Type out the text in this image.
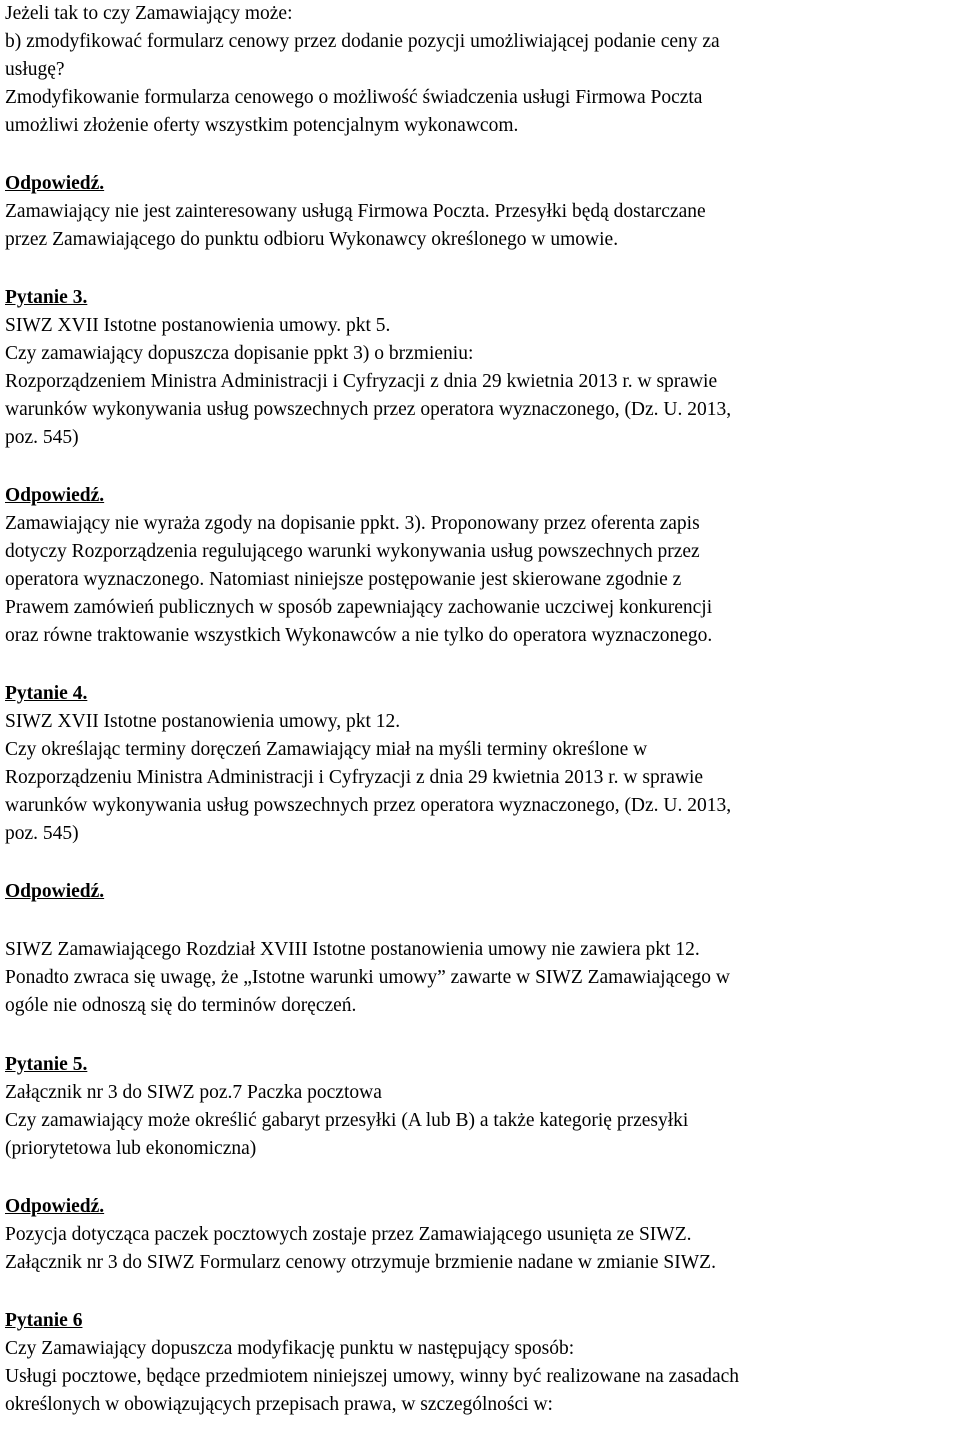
Jeżeli tak to czy Zamawiający może:
b) zmodyfikować formularz cenowy przez dodanie pozycji umożliwiającej podanie ceny za
usługę?
Zmodyfikowanie formularza cenowego o możliwość świadczenia usługi Firmowa Poczta
umożliwi złożenie oferty wszystkim potencjalnym wykonawcom.
Odpowiedź.
Zamawiający nie jest zainteresowany usługą Firmowa Poczta. Przesyłki będą dostarczane
przez Zamawiającego do punktu odbioru Wykonawcy określonego w umowie.
Pytanie 3.
SIWZ XVII Istotne postanowienia umowy. pkt 5.
Czy zamawiający dopuszcza dopisanie ppkt 3) o brzmieniu:
Rozporządzeniem Ministra Administracji i Cyfryzacji z dnia 29 kwietnia 2013 r. w sprawie
warunków wykonywania usług powszechnych przez operatora wyznaczonego, (Dz. U. 2013,
poz. 545)
Odpowiedź.
Zamawiający nie wyraża zgody na dopisanie ppkt. 3). Proponowany przez oferenta zapis
dotyczy Rozporządzenia regulującego warunki wykonywania usług powszechnych przez
operatora wyznaczonego. Natomiast niniejsze postępowanie jest skierowane zgodnie z
Prawem zamówień publicznych w sposób zapewniający zachowanie uczciwej konkurencji
oraz równe traktowanie wszystkich Wykonawców a nie tylko do operatora wyznaczonego.
Pytanie 4.
SIWZ XVII Istotne postanowienia umowy, pkt 12.
Czy określając terminy doręczeń Zamawiający miał na myśli terminy określone w
Rozporządzeniu Ministra Administracji i Cyfryzacji z dnia 29 kwietnia 2013 r. w sprawie
warunków wykonywania usług powszechnych przez operatora wyznaczonego, (Dz. U. 2013,
poz. 545)
Odpowiedź.
SIWZ Zamawiającego Rozdział XVIII Istotne postanowienia umowy nie zawiera pkt 12.
Ponadto zwraca się uwagę, że „Istotne warunki umowy” zawarte w SIWZ Zamawiającego w
ogóle nie odnoszą się do terminów doręczeń.
Pytanie 5.
Załącznik nr 3 do SIWZ poz.7 Paczka pocztowa
Czy zamawiający może określić gabaryt przesyłki (A lub B) a także kategorię przesyłki
(priorytetowa lub ekonomiczna)
Odpowiedź.
Pozycja dotycząca paczek pocztowych zostaje przez Zamawiającego usunięta ze SIWZ.
Załącznik nr 3 do SIWZ Formularz cenowy otrzymuje brzmienie nadane w zmianie SIWZ.
Pytanie 6
Czy Zamawiający dopuszcza modyfikację punktu w następujący sposób:
Usługi pocztowe, będące przedmiotem niniejszej umowy, winny być realizowane na zasadach
określonych w obowiązujących przepisach prawa, w szczególności w:
